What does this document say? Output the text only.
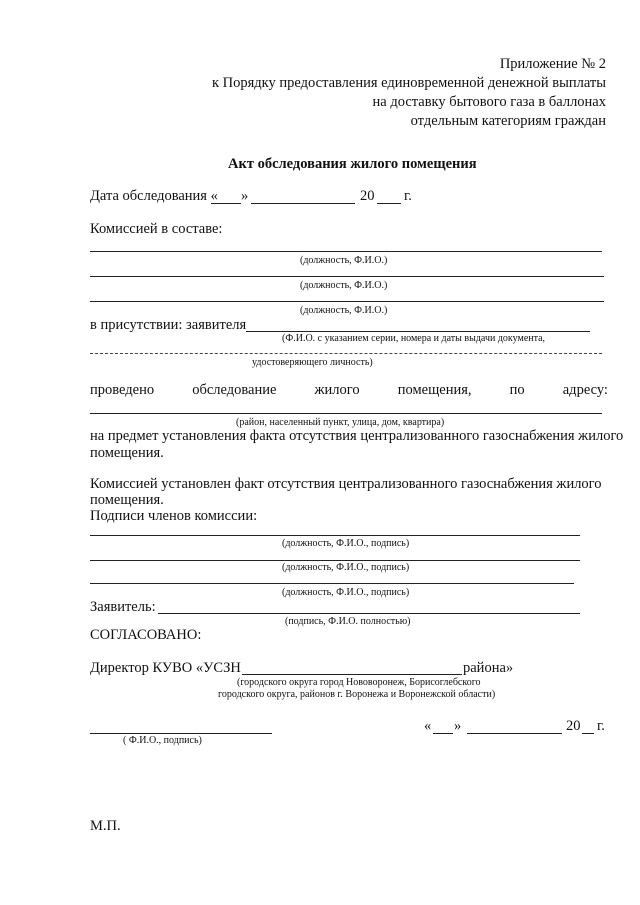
Приложение № 2
к Порядку предоставления единовременной денежной выплаты
на доставку бытового газа в баллонах
отдельным категориям граждан
Акт обследования жилого помещения
Дата обследования « »	20 г.
Комиссией в составе:
(должность, Ф.И.О.)
(должность, Ф.И.О.)
(должность, Ф.И.О.)
в присутствии: заявителя
(Ф.И.О. с указанием серии, номера и даты выдачи документа,
удостоверяющего личность)
проведено	обследование	жилого	помещения,	по	адресу:
(район, населенный пункт, улица, дом, квартира)
на предмет установления факта отсутствия централизованного газоснабжения жилого
помещения.
Комиссией установлен факт отсутствия централизованного газоснабжения жилого
помещения.
Подписи членов комиссии:
(должность, Ф.И.О., подпись)
(должность, Ф.И.О., подпись)
(должность, Ф.И.О., подпись)
Заявитель:
(подпись, Ф.И.О. полностью)
СОГЛАСОВАНО:
Директор КУВО «УСЗН	района»
(городского округа город Нововоронеж, Борисоглебского
городского округа, районов г. Воронежа и Воронежской области)
( Ф.И.О., подпись)
« »	20 г.
М.П.
